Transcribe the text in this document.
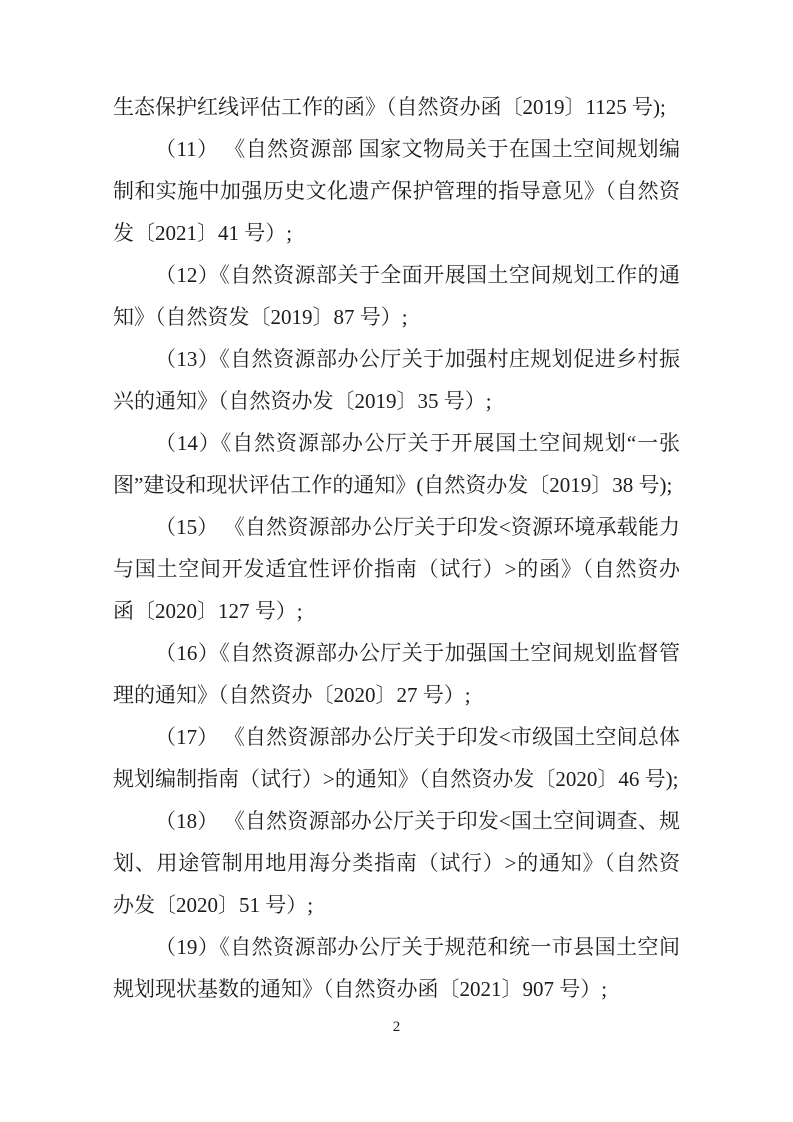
生态保护红线评估工作的函》（自然资办函〔2019〕1125 号);

（11） 《自然资源部 国家文物局关于在国土空间规划编制和实施中加强历史文化遗产保护管理的指导意见》（自然资发〔2021〕41 号）;

（12）《自然资源部关于全面开展国土空间规划工作的通知》（自然资发〔2019〕87 号）;

（13）《自然资源部办公厅关于加强村庄规划促进乡村振兴的通知》（自然资办发〔2019〕35 号）;

（14）《自然资源部办公厅关于开展国土空间规划“一张图”建设和现状评估工作的通知》(自然资办发〔2019〕38 号);

（15） 《自然资源部办公厅关于印发<资源环境承载能力与国土空间开发适宜性评价指南（试行）>的函》（自然资办函〔2020〕127 号）;

（16）《自然资源部办公厅关于加强国土空间规划监督管理的通知》（自然资办〔2020〕27 号）;

（17） 《自然资源部办公厅关于印发<市级国土空间总体规划编制指南（试行）>的通知》（自然资办发〔2020〕46 号);

（18） 《自然资源部办公厅关于印发<国土空间调查、规划、用途管制用地用海分类指南（试行）>的通知》（自然资办发〔2020〕51 号）;

（19）《自然资源部办公厅关于规范和统一市县国土空间规划现状基数的通知》（自然资办函〔2021〕907 号）;

2
